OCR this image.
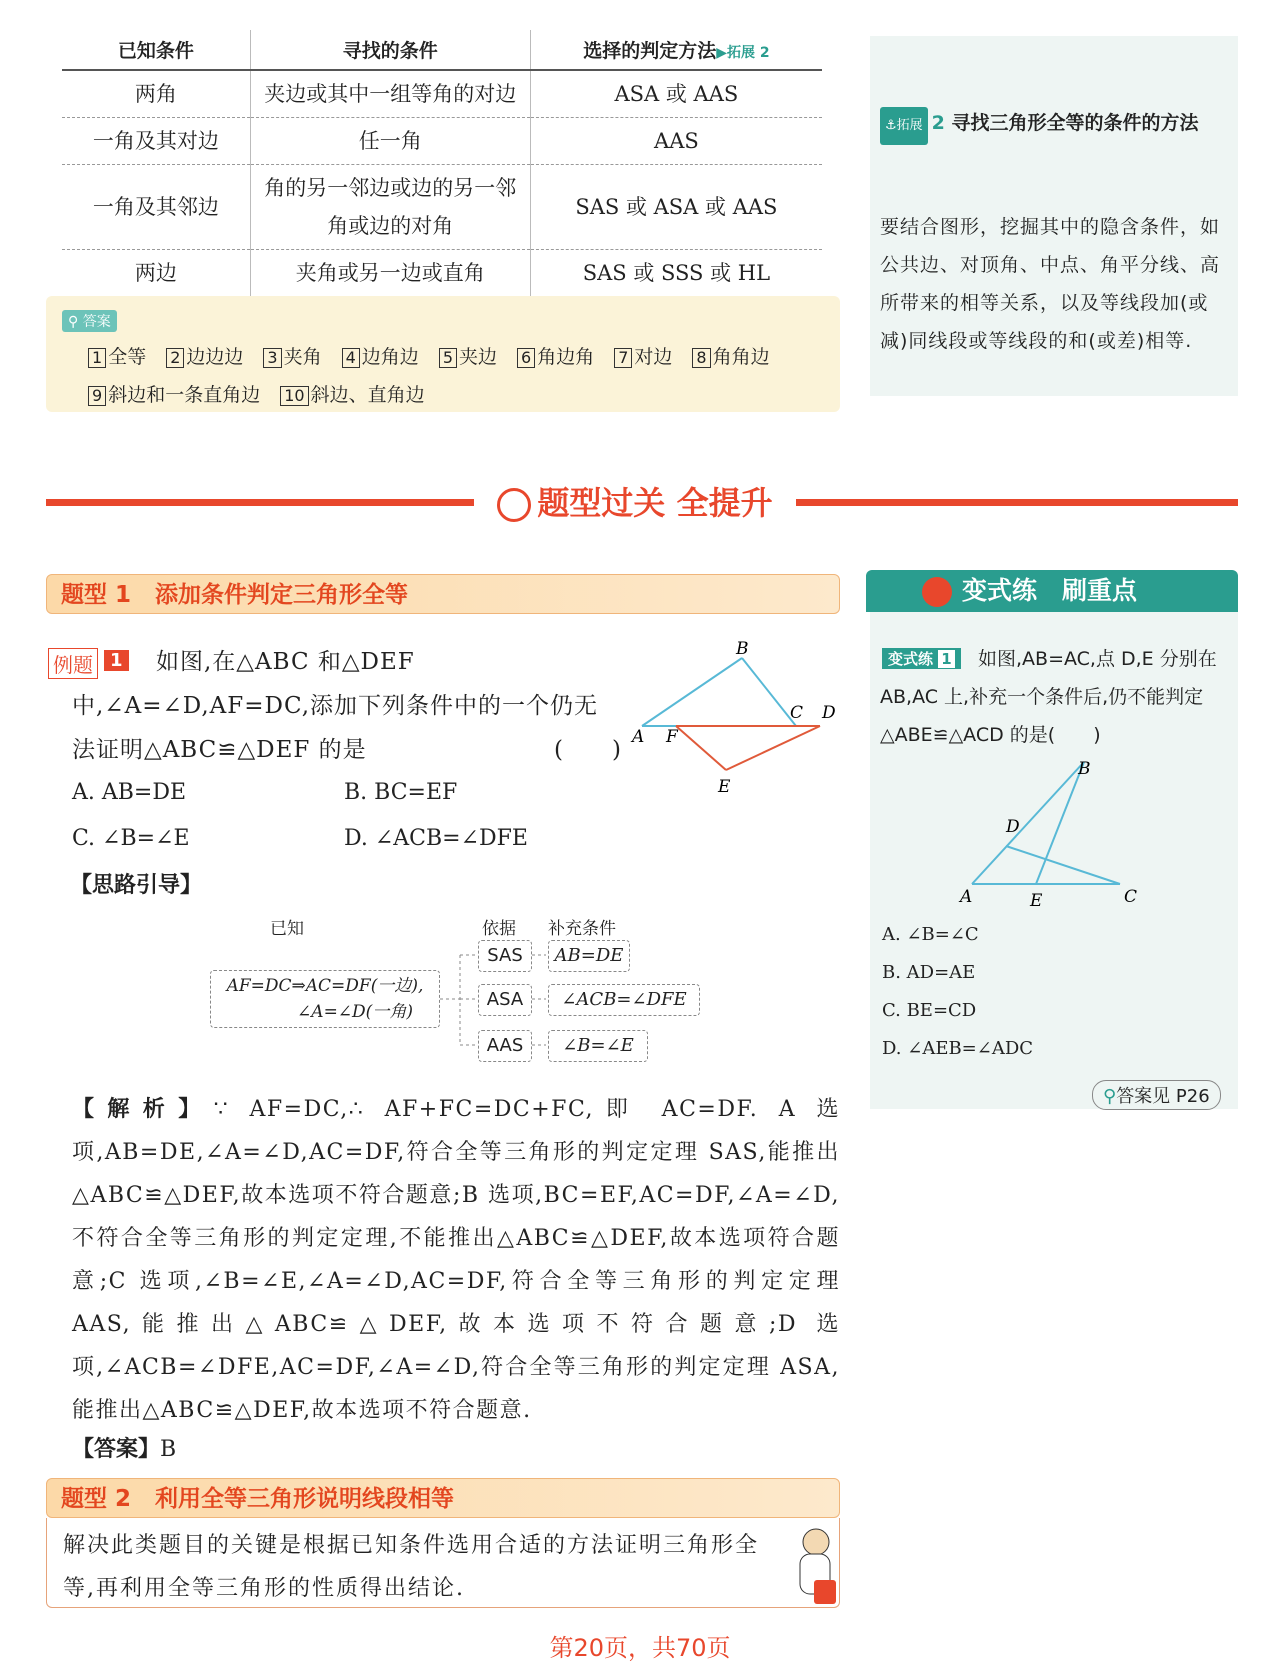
已知条件	寻找的条件	选择的判定方法▶拓展 2
两角	夹边或其中一组等角的对边	ASA 或 AAS
一角及其对边	任一角	AAS
一角及其邻边	角的另一邻边或边的另一邻角或边的对角	SAS 或 ASA 或 AAS
两边	夹角或另一边或直角	SAS 或 SSS 或 HL
⚲ 答案
1 全等 2 边边边 3 夹角 4 边角边 5 夹边 6 角边角 7 对边 8 角角边9 斜边和一条直角边 10 斜边、直角边
⚓拓展 2 寻找三角形全等的条件的方法
要结合图形，挖掘其中的隐含条件，如公共边、对顶角、中点、角平分线、高所带来的相等关系，以及等线段加(或减)同线段或等线段的和(或差)相等.
题型过关 全提升
题型 1 添加条件判定三角形全等
如图,在△ABC 和△DEF 中,∠A=∠D,AF=DC,添加下列条件中的一个仍无法证明△ABC≌△DEF 的是	(　　)
例题 1
A. AB=DE	B. BC=EF
C. ∠B=∠E	D. ∠ACB=∠DFE
A F
C D
B
E
【思路引导】
已知	依据 补充条件
AF=DC⇒AC=DF(一边),
∠A=∠D(一角)
SAS
ASA
AAS
AB=DE
∠ACB=∠DFE
∠B=∠E
【解析】∵ AF=DC,∴ AF+FC=DC+FC,即 AC=DF. A 选项,AB=DE,∠A=∠D,AC=DF,符合全等三角形的判定定理 SAS,能推出△ABC≌△DEF,故本选项不符合题意;B 选项,BC=EF,AC=DF,∠A=∠D,不符合全等三角形的判定定理,不能推出△ABC≌△DEF,故本选项符合题意;C 选项,∠B=∠E,∠A=∠D,AC=DF,符合全等三角形的判定定理 AAS,能推出△ABC≌△DEF,故本选项不符合题意;D 选项,∠ACB=∠DFE,AC=DF,∠A=∠D,符合全等三角形的判定定理 ASA,能推出△ABC≌△DEF,故本选项不符合题意.
【答案】B
题型 2 利用全等三角形说明线段相等
解决此类题目的关键是根据已知条件选用合适的方法证明三角形全等,再利用全等三角形的性质得出结论.
变式练　刷重点
如图,AB=AC,点 D,E 分别在 AB,AC 上,补充一个条件后,仍不能判定△ABE≌△ACD 的是(　　)
变式练 1
B
D
A	E	C
A. ∠B=∠C
B. AD=AE
C. BE=CD
D. ∠AEB=∠ADC
⚲答案见 P26
第20页，共70页
